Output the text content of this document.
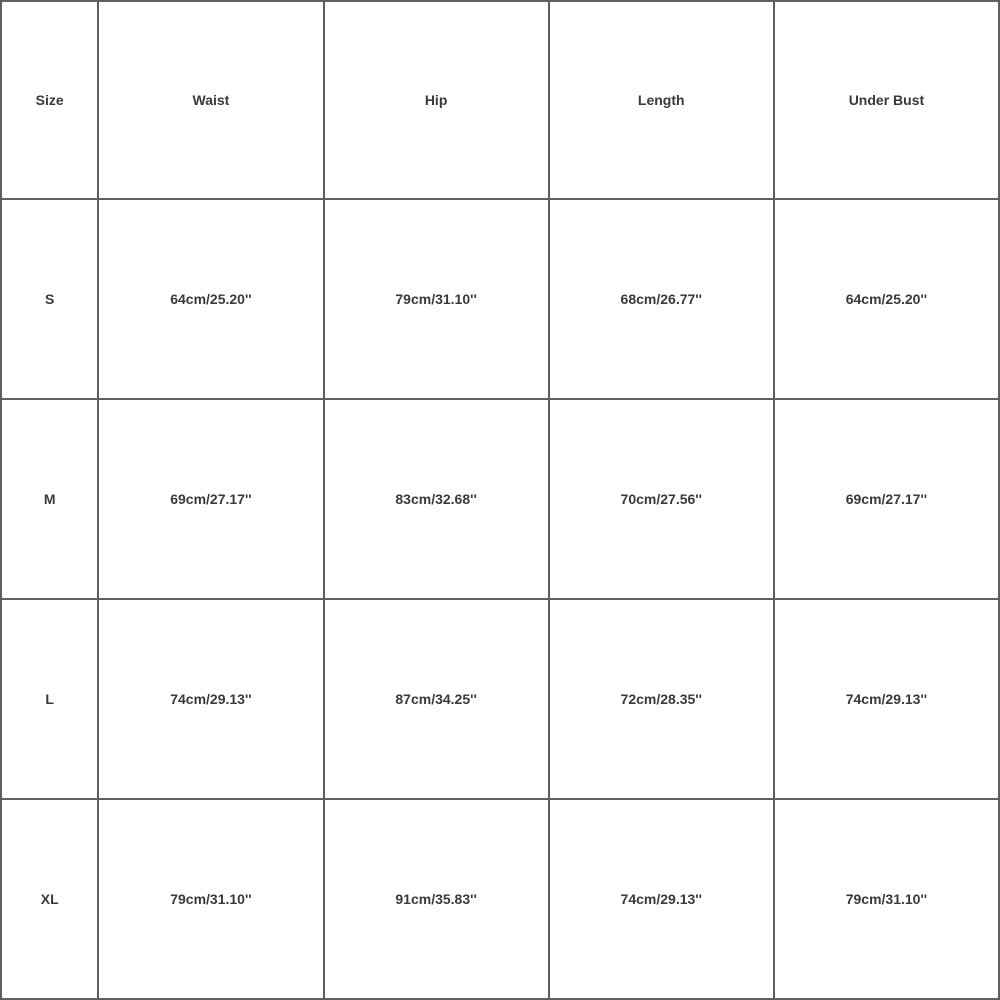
Size	Waist	Hip	Length	Under Bust
S	64cm/25.20''	79cm/31.10''	68cm/26.77''	64cm/25.20''
M	69cm/27.17''	83cm/32.68''	70cm/27.56''	69cm/27.17''
L	74cm/29.13''	87cm/34.25''	72cm/28.35''	74cm/29.13''
XL	79cm/31.10''	91cm/35.83''	74cm/29.13''	79cm/31.10''
